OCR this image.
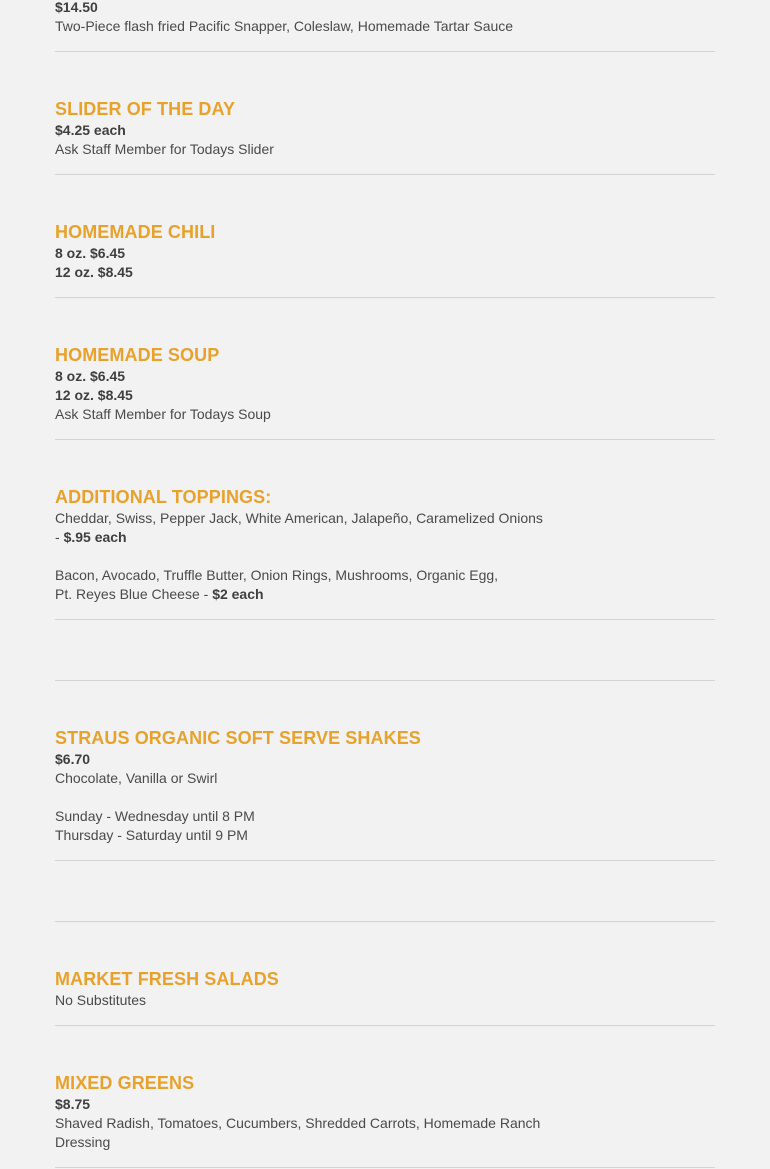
$14.50
Two-Piece flash fried Pacific Snapper, Coleslaw, Homemade Tartar Sauce
SLIDER OF THE DAY
$4.25 each
Ask Staff Member for Todays Slider
HOMEMADE CHILI
8 oz. $6.45
12 oz. $8.45
HOMEMADE SOUP
8 oz. $6.45
12 oz. $8.45
Ask Staff Member for Todays Soup
ADDITIONAL TOPPINGS:
Cheddar, Swiss, Pepper Jack, White American, Jalapeño, Caramelized Onions
- $.95 each
Bacon, Avocado, Truffle Butter, Onion Rings, Mushrooms, Organic Egg,
Pt. Reyes Blue Cheese - $2 each
STRAUS ORGANIC SOFT SERVE SHAKES
$6.70
Chocolate, Vanilla or Swirl
Sunday - Wednesday until 8 PM
Thursday - Saturday until 9 PM
MARKET FRESH SALADS
No Substitutes
MIXED GREENS
$8.75
Shaved Radish, Tomatoes, Cucumbers, Shredded Carrots, Homemade Ranch
Dressing
